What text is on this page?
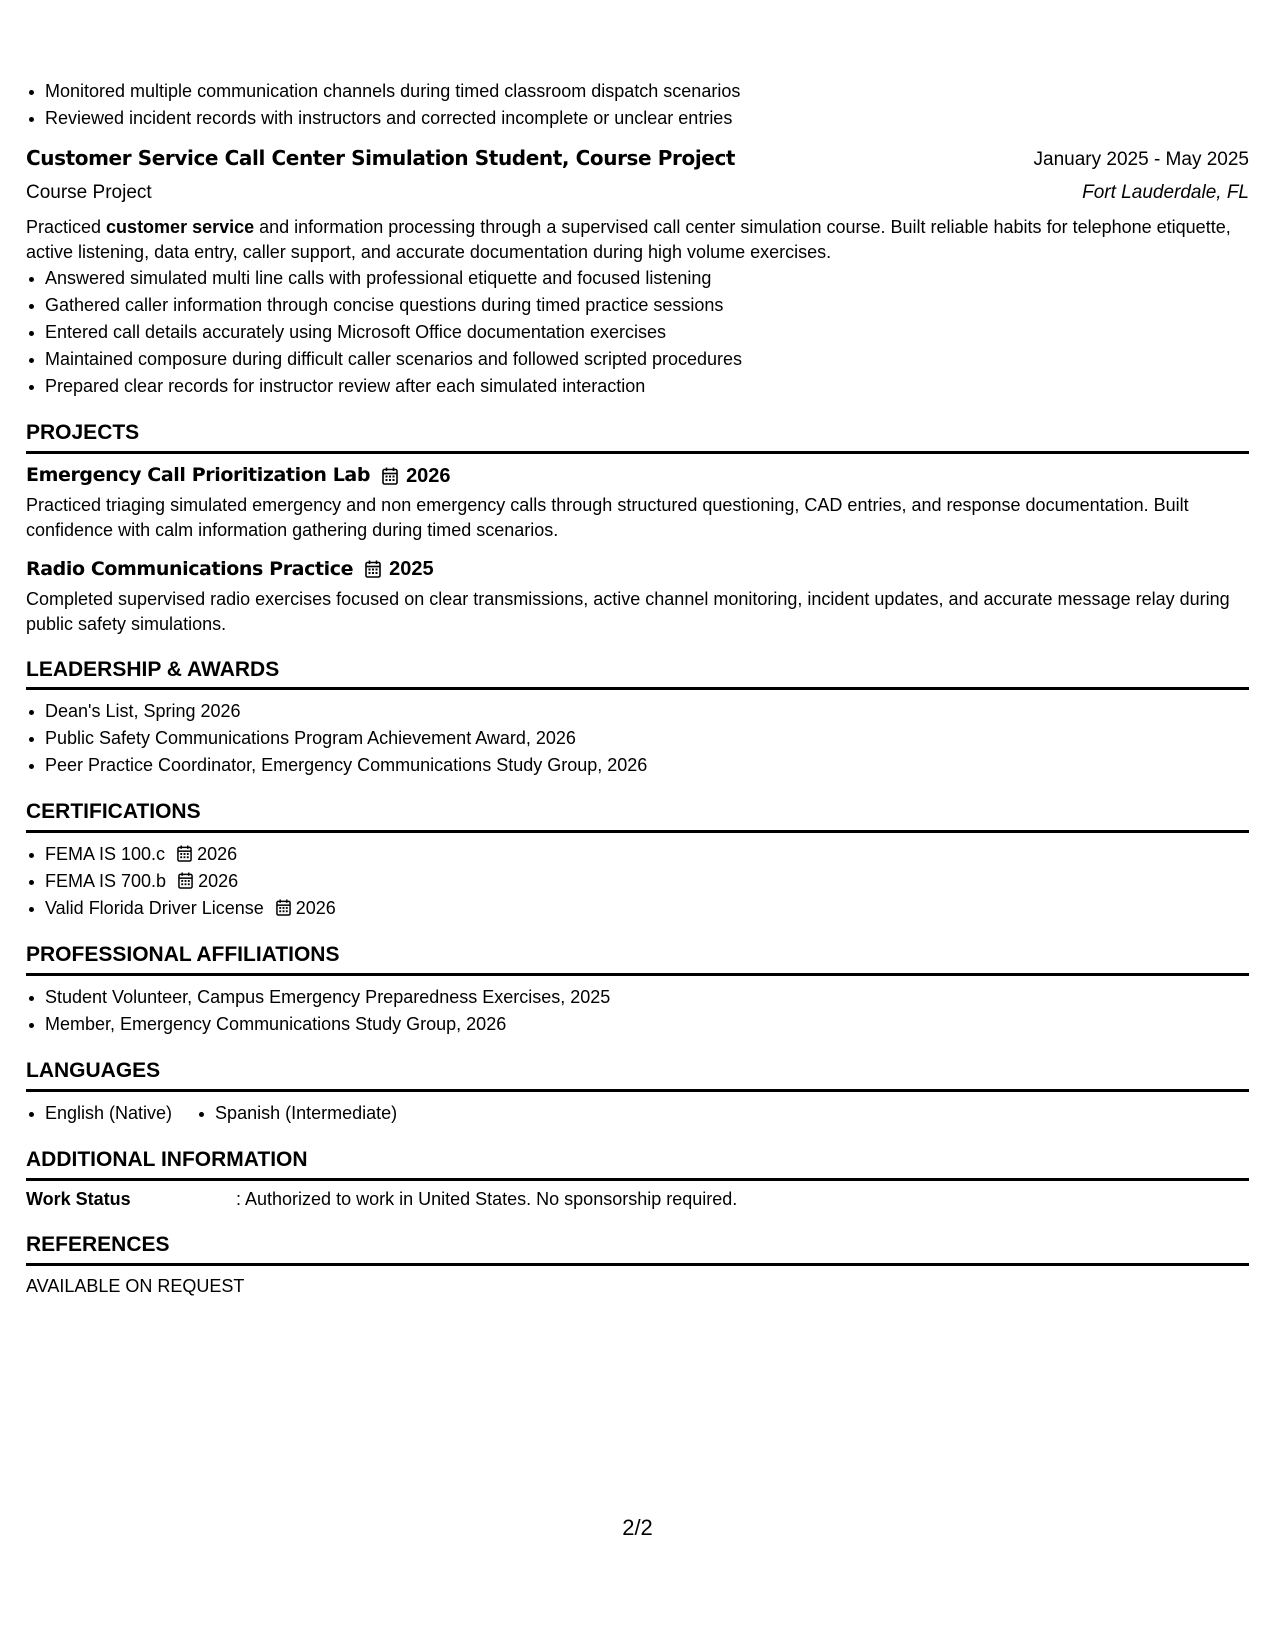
Monitored multiple communication channels during timed classroom dispatch scenarios
Reviewed incident records with instructors and corrected incomplete or unclear entries
Customer Service Call Center Simulation Student, Course Project	January 2025 - May 2025
Course Project	Fort Lauderdale, FL
Practiced customer service and information processing through a supervised call center simulation course. Built reliable habits for telephone etiquette, active listening, data entry, caller support, and accurate documentation during high volume exercises.
Answered simulated multi line calls with professional etiquette and focused listening
Gathered caller information through concise questions during timed practice sessions
Entered call details accurately using Microsoft Office documentation exercises
Maintained composure during difficult caller scenarios and followed scripted procedures
Prepared clear records for instructor review after each simulated interaction
PROJECTS
Emergency Call Prioritization Lab 2026
Practiced triaging simulated emergency and non emergency calls through structured questioning, CAD entries, and response documentation. Built confidence with calm information gathering during timed scenarios.
Radio Communications Practice 2025
Completed supervised radio exercises focused on clear transmissions, active channel monitoring, incident updates, and accurate message relay during public safety simulations.
LEADERSHIP & AWARDS
Dean's List, Spring 2026
Public Safety Communications Program Achievement Award, 2026
Peer Practice Coordinator, Emergency Communications Study Group, 2026
CERTIFICATIONS
FEMA IS 100.c 2026
FEMA IS 700.b 2026
Valid Florida Driver License 2026
PROFESSIONAL AFFILIATIONS
Student Volunteer, Campus Emergency Preparedness Exercises, 2025
Member, Emergency Communications Study Group, 2026
LANGUAGES
English (Native)	Spanish (Intermediate)
ADDITIONAL INFORMATION
Work Status	: Authorized to work in United States. No sponsorship required.
REFERENCES
AVAILABLE ON REQUEST
2/2
